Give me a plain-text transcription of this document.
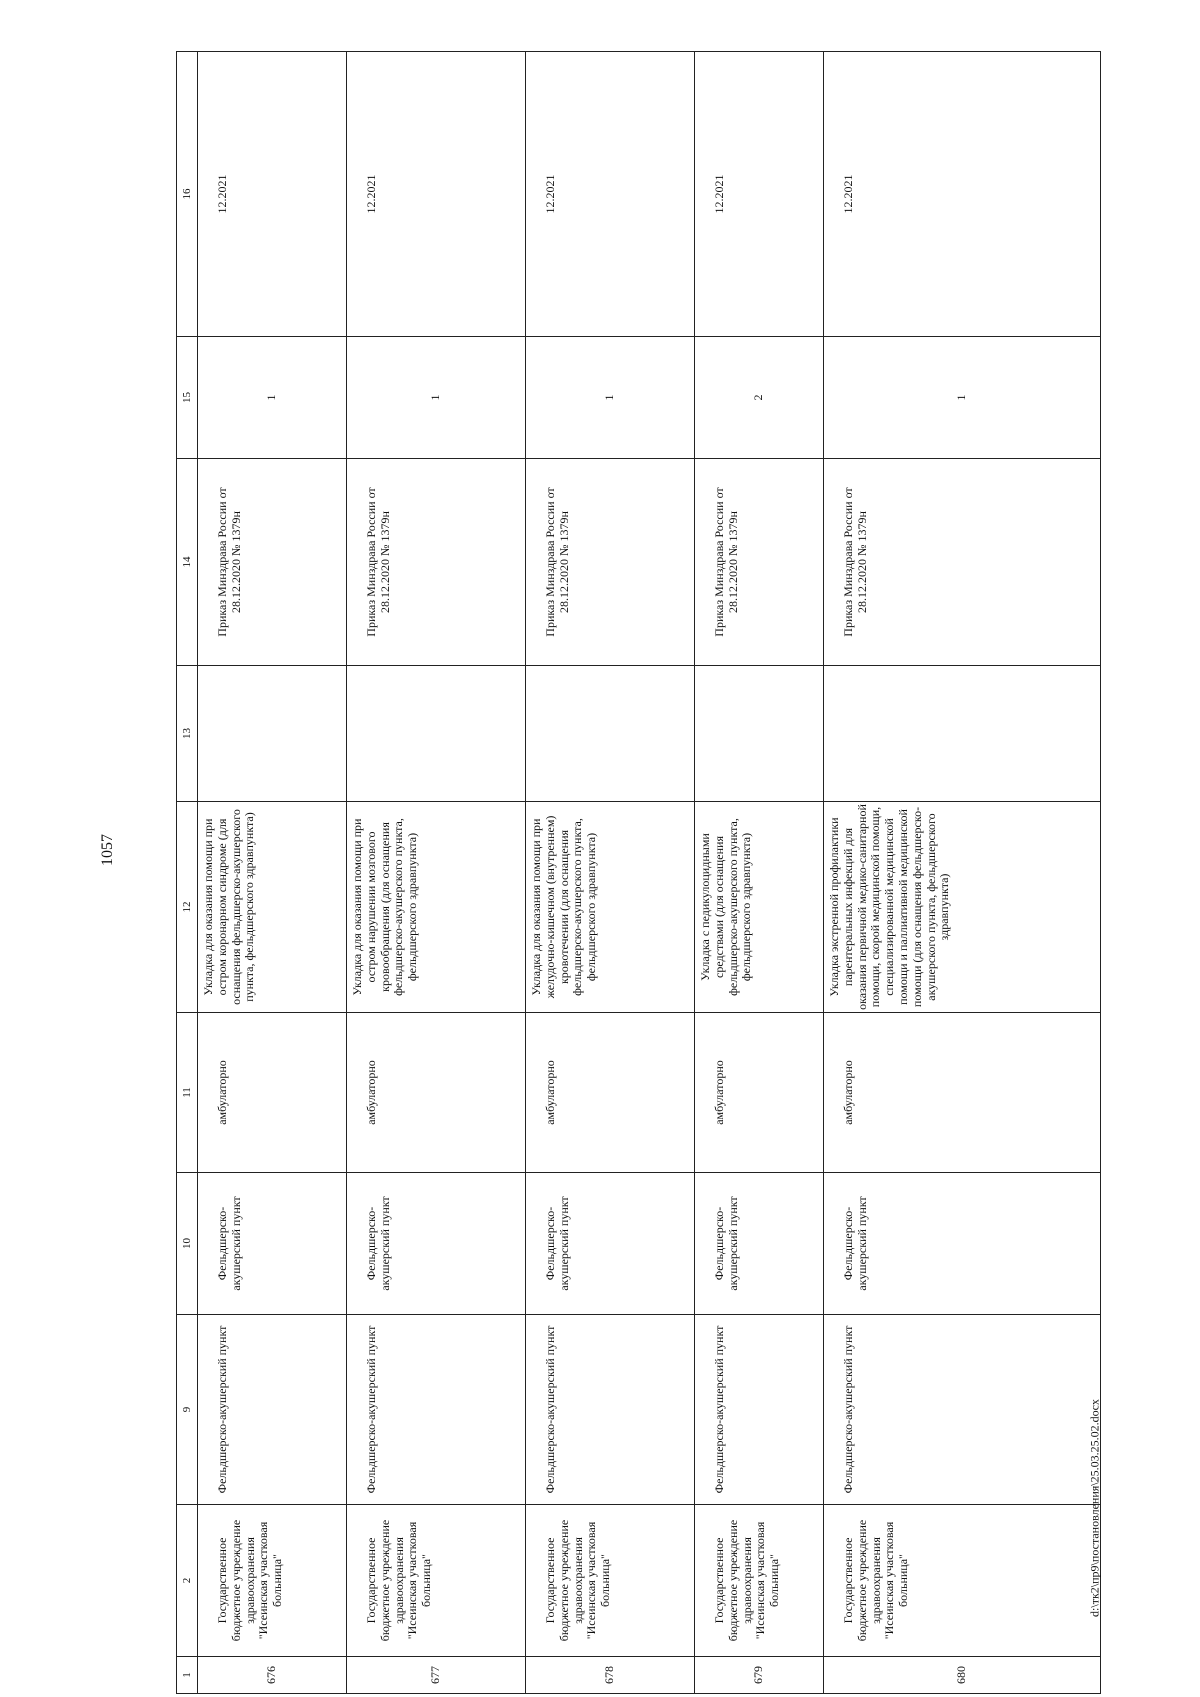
1057
1	2	9	10	11	12	13	14	15	16
676	Государственное бюджетное учреждение здравоохранения "Исеинская участковая больница"	Фельдшерско-акушерский пункт	Фельдшерско-акушерский пункт	амбулаторно	Укладка для оказания помощи при остром коронарном синдроме (для оснащения фельдшерско-акушерского пункта, фельдшерского здравпункта)		Приказ Минздрава России от 28.12.2020 № 1379н	1	12.2021
677	Государственное бюджетное учреждение здравоохранения "Исеинская участковая больница"	Фельдшерско-акушерский пункт	Фельдшерско-акушерский пункт	амбулаторно	Укладка для оказания помощи при остром нарушении мозгового кровообращения (для оснащения фельдшерско-акушерского пункта, фельдшерского здравпункта)		Приказ Минздрава России от 28.12.2020 № 1379н	1	12.2021
678	Государственное бюджетное учреждение здравоохранения "Исеинская участковая больница"	Фельдшерско-акушерский пункт	Фельдшерско-акушерский пункт	амбулаторно	Укладка для оказания помощи при желудочно-кишечном (внутреннем) кровотечении (для оснащения фельдшерско-акушерского пункта, фельдшерского здравпункта)		Приказ Минздрава России от 28.12.2020 № 1379н	1	12.2021
679	Государственное бюджетное учреждение здравоохранения "Исеинская участковая больница"	Фельдшерско-акушерский пункт	Фельдшерско-акушерский пункт	амбулаторно	Укладка с педикулоцидными средствами (для оснащения фельдшерско-акушерского пункта, фельдшерского здравпункта)		Приказ Минздрава России от 28.12.2020 № 1379н	2	12.2021
680	Государственное бюджетное учреждение здравоохранения "Исеинская участковая больница"	Фельдшерско-акушерский пункт	Фельдшерско-акушерский пункт	амбулаторно	Укладка экстренной профилактики парентеральных инфекций для оказания первичной медико-санитарной помощи, скорой медицинской помощи, специализированной медицинской помощи и паллиативной медицинской помощи (для оснащения фельдшерско-акушерского пункта, фельдшерского здравпункта)		Приказ Минздрава России от 28.12.2020 № 1379н	1	12.2021
d:\тк2\пр9\постановления\25.03.25.02.docx
